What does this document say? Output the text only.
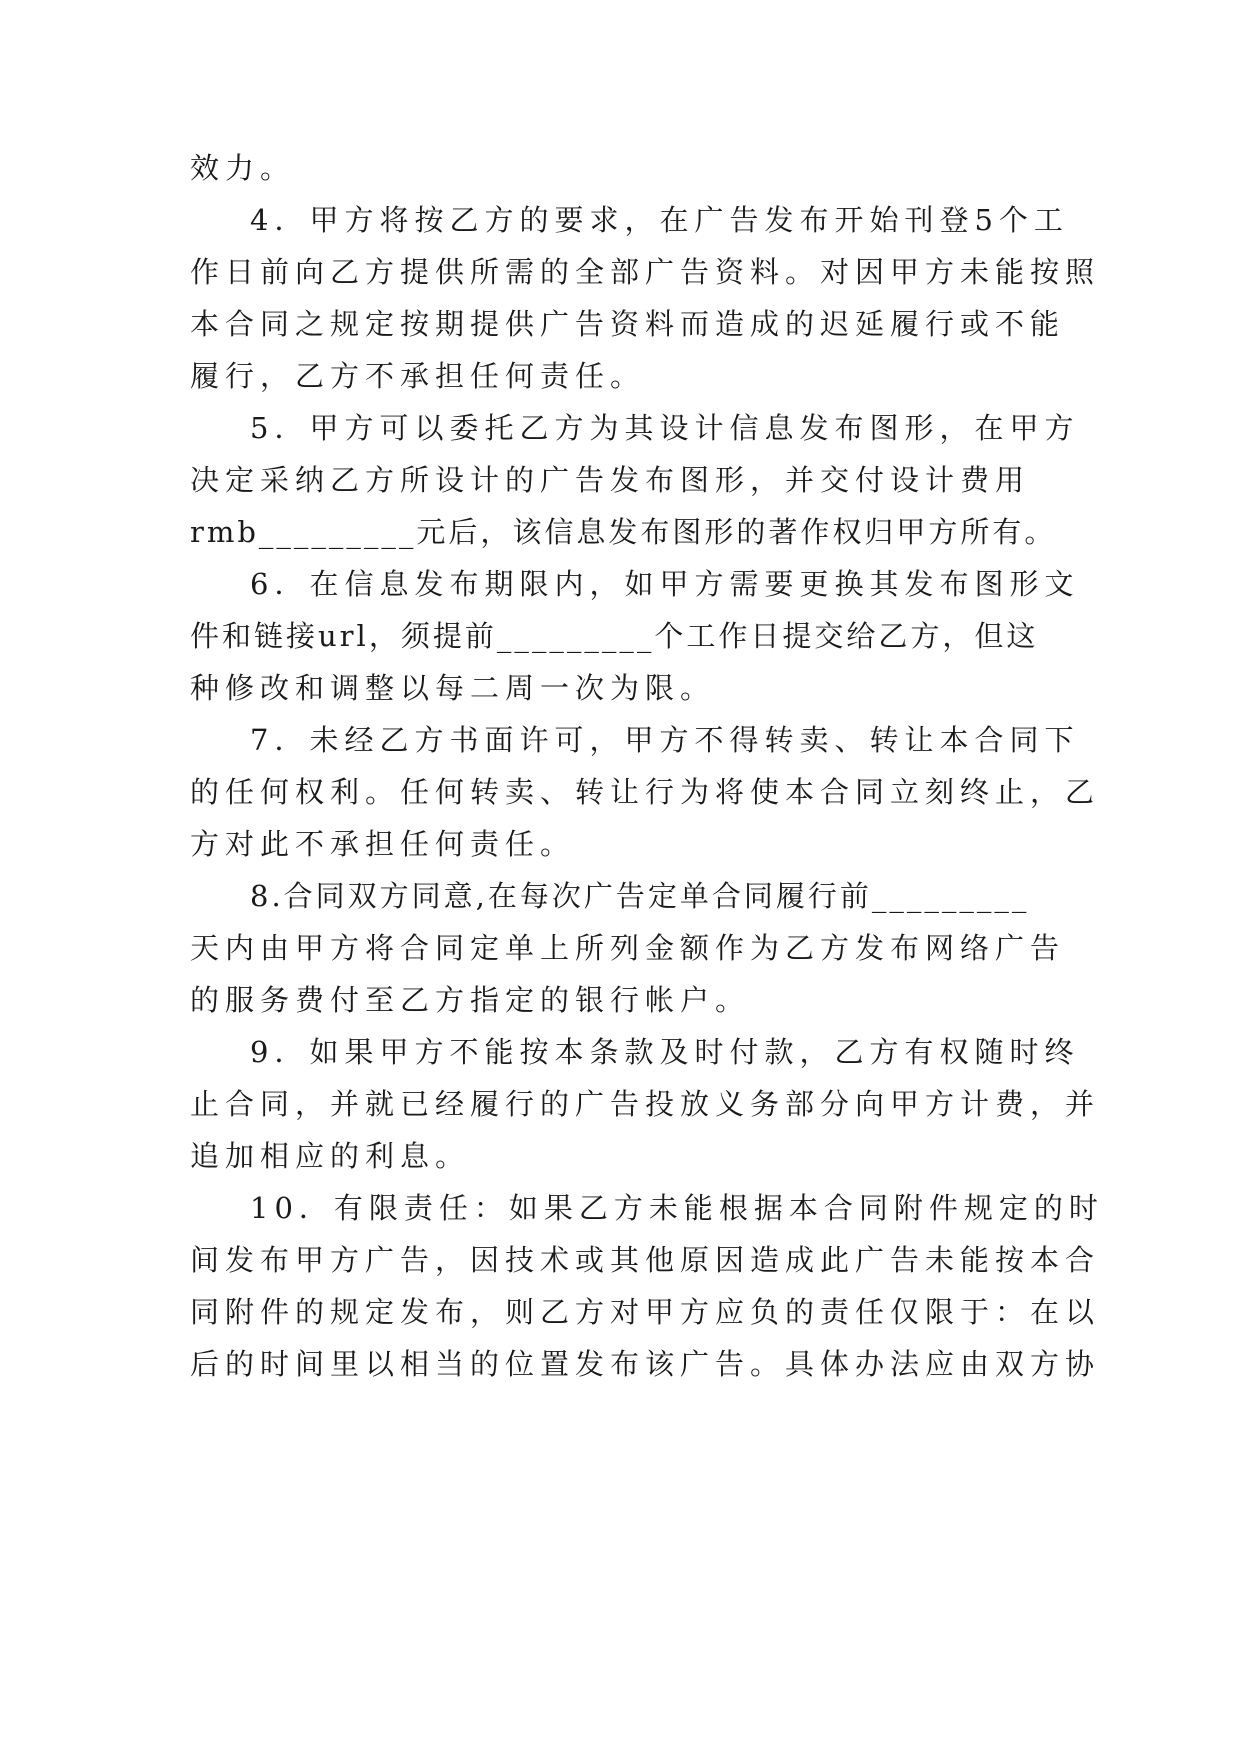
效力。
4．甲方将按乙方的要求，在广告发布开始刊登5个工
作日前向乙方提供所需的全部广告资料。对因甲方未能按照
本合同之规定按期提供广告资料而造成的迟延履行或不能
履行，乙方不承担任何责任。
5．甲方可以委托乙方为其设计信息发布图形，在甲方
决定采纳乙方所设计的广告发布图形，并交付设计费用
rmb_________元后，该信息发布图形的著作权归甲方所有。
6．在信息发布期限内，如甲方需要更换其发布图形文
件和链接url，须提前_________个工作日提交给乙方，但这
种修改和调整以每二周一次为限。
7．未经乙方书面许可，甲方不得转卖、转让本合同下
的任何权利。任何转卖、转让行为将使本合同立刻终止，乙
方对此不承担任何责任。
8.合同双方同意,在每次广告定单合同履行前_________
天内由甲方将合同定单上所列金额作为乙方发布网络广告
的服务费付至乙方指定的银行帐户。
9．如果甲方不能按本条款及时付款，乙方有权随时终
止合同，并就已经履行的广告投放义务部分向甲方计费，并
追加相应的利息。
10．有限责任：如果乙方未能根据本合同附件规定的时
间发布甲方广告，因技术或其他原因造成此广告未能按本合
同附件的规定发布，则乙方对甲方应负的责任仅限于：在以
后的时间里以相当的位置发布该广告。具体办法应由双方协
